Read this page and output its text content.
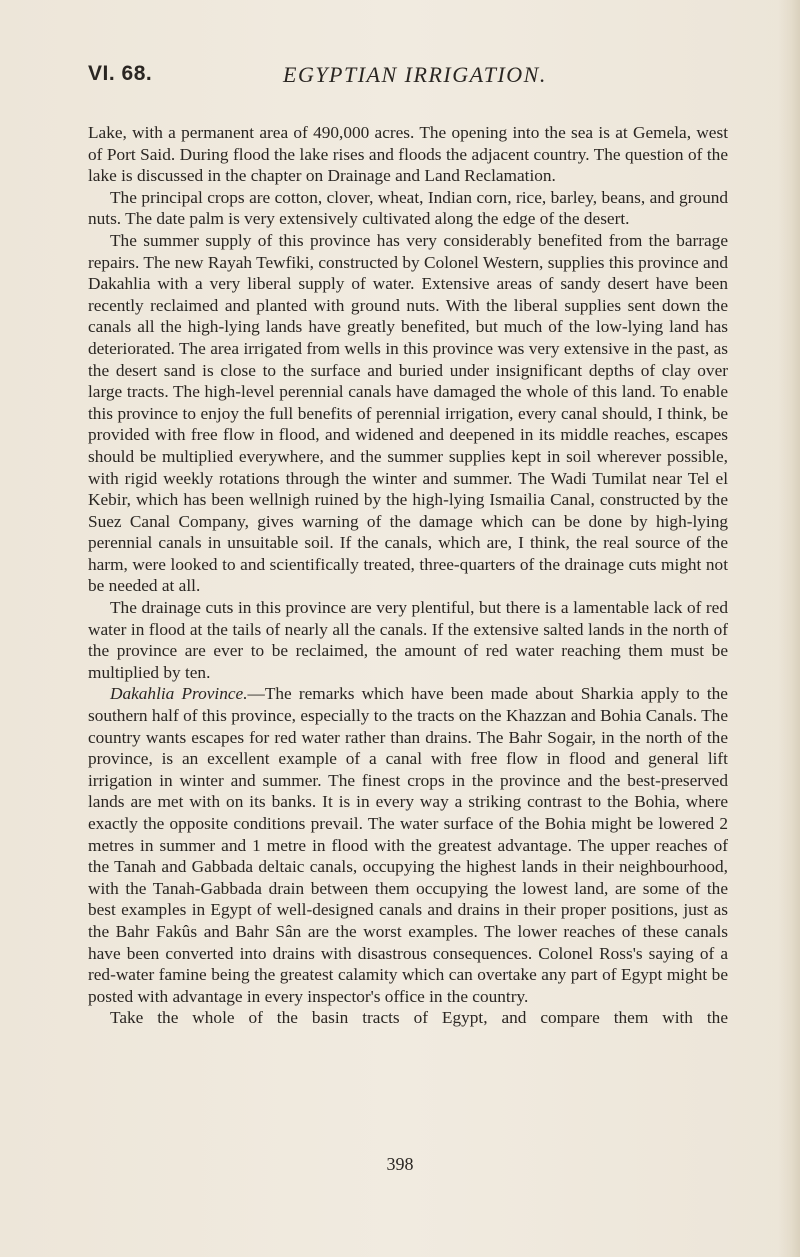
VI. 68.	EGYPTIAN IRRIGATION.

Lake, with a permanent area of 490,000 acres. The opening into the sea is at Gemela, west of Port Said. During flood the lake rises and floods the adjacent country. The question of the lake is discussed in the chapter on Drainage and Land Reclamation.

The principal crops are cotton, clover, wheat, Indian corn, rice, barley, beans, and ground nuts. The date palm is very extensively cultivated along the edge of the desert.

The summer supply of this province has very considerably benefited from the barrage repairs. The new Rayah Tewfiki, constructed by Colonel Western, supplies this province and Dakahlia with a very liberal supply of water. Extensive areas of sandy desert have been recently reclaimed and planted with ground nuts. With the liberal supplies sent down the canals all the high-lying lands have greatly benefited, but much of the low-lying land has deteriorated. The area irrigated from wells in this province was very extensive in the past, as the desert sand is close to the surface and buried under insignificant depths of clay over large tracts. The high-level perennial canals have damaged the whole of this land. To enable this province to enjoy the full benefits of perennial irrigation, every canal should, I think, be provided with free flow in flood, and widened and deepened in its middle reaches, escapes should be multiplied everywhere, and the summer supplies kept in soil wherever possible, with rigid weekly rotations through the winter and summer. The Wadi Tumilat near Tel el Kebir, which has been wellnigh ruined by the high-lying Ismailia Canal, constructed by the Suez Canal Company, gives warning of the damage which can be done by high-lying perennial canals in unsuitable soil. If the canals, which are, I think, the real source of the harm, were looked to and scientifically treated, three-quarters of the drainage cuts might not be needed at all.

The drainage cuts in this province are very plentiful, but there is a lamentable lack of red water in flood at the tails of nearly all the canals. If the extensive salted lands in the north of the province are ever to be reclaimed, the amount of red water reaching them must be multiplied by ten.

Dakahlia Province.—The remarks which have been made about Sharkia apply to the southern half of this province, especially to the tracts on the Khazzan and Bohia Canals. The country wants escapes for red water rather than drains. The Bahr Sogair, in the north of the province, is an excellent example of a canal with free flow in flood and general lift irrigation in winter and summer. The finest crops in the province and the best-preserved lands are met with on its banks. It is in every way a striking contrast to the Bohia, where exactly the opposite conditions prevail. The water surface of the Bohia might be lowered 2 metres in summer and 1 metre in flood with the greatest advantage. The upper reaches of the Tanah and Gabbada deltaic canals, occupying the highest lands in their neighbourhood, with the Tanah-Gabbada drain between them occupying the lowest land, are some of the best examples in Egypt of well-designed canals and drains in their proper positions, just as the Bahr Fakûs and Bahr Sân are the worst examples. The lower reaches of these canals have been converted into drains with disastrous consequences. Colonel Ross's saying of a red-water famine being the greatest calamity which can overtake any part of Egypt might be posted with advantage in every inspector's office in the country.

Take the whole of the basin tracts of Egypt, and compare them with the

398
